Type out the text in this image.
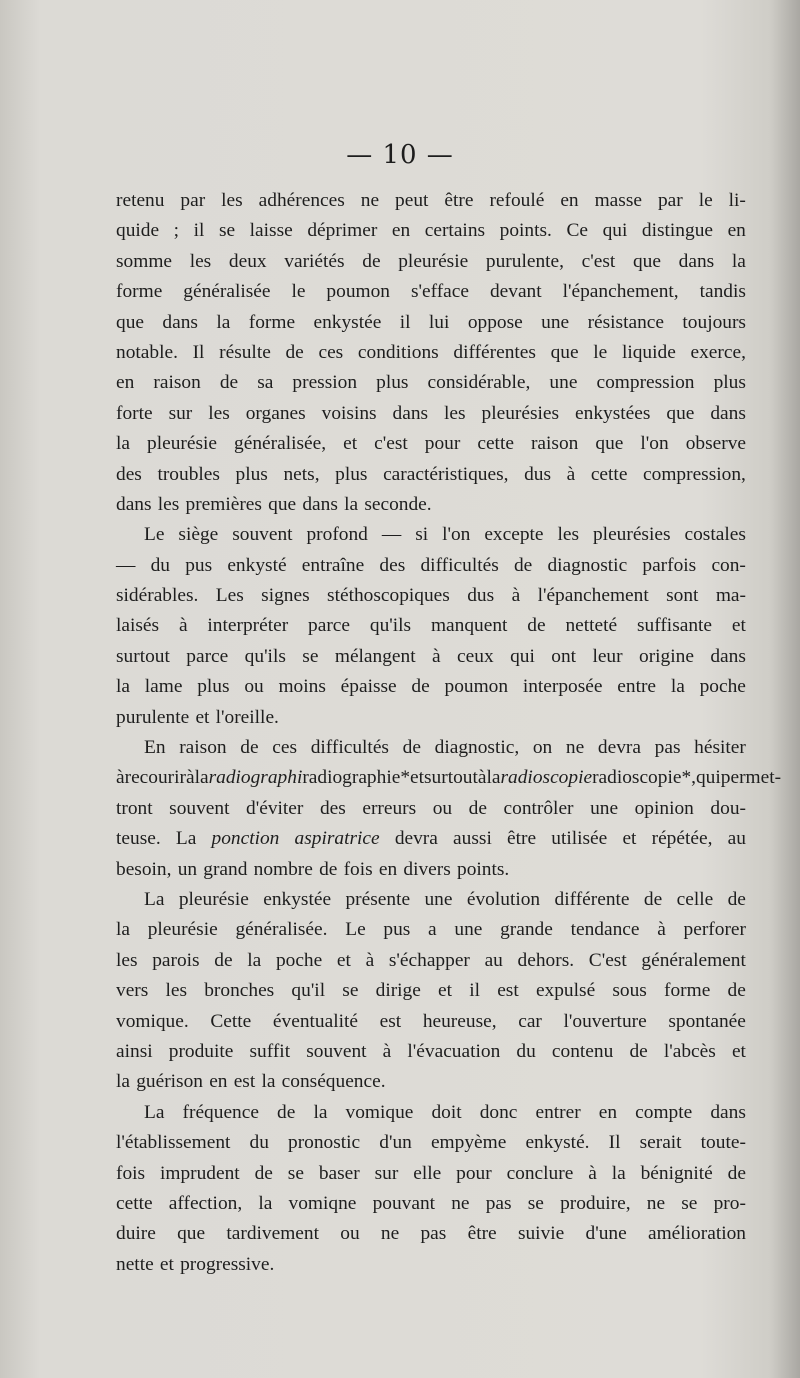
— 10 —
retenu par les adhérences ne peut être refoulé en masse par le li-
quide ; il se laisse déprimer en certains points. Ce qui distingue en
somme les deux variétés de pleurésie purulente, c'est que dans la
forme généralisée le poumon s'efface devant l'épanchement, tandis
que dans la forme enkystée il lui oppose une résistance toujours
notable. Il résulte de ces conditions différentes que le liquide exerce,
en raison de sa pression plus considérable, une compression plus
forte sur les organes voisins dans les pleurésies enkystées que dans
la pleurésie généralisée, et c'est pour cette raison que l'on observe
des troubles plus nets, plus caractéristiques, dus à cette compression,
dans les premières que dans la seconde.
Le siège souvent profond — si l'on excepte les pleurésies costales
— du pus enkysté entraîne des difficultés de diagnostic parfois con-
sidérables. Les signes stéthoscopiques dus à l'épanchement sont ma-
laisés à interpréter parce qu'ils manquent de netteté suffisante et
surtout parce qu'ils se mélangent à ceux qui ont leur origine dans
la lame plus ou moins épaisse de poumon interposée entre la poche
purulente et l'oreille.
En raison de ces difficultés de diagnostic, on ne devra pas hésiter
à recourir à la radiographiradiographie* et surtout à la radioscopieradioscopie*, qui permet-
tront souvent d'éviter des erreurs ou de contrôler une opinion dou-
teuse. La ponction aspiratrice devra aussi être utilisée et répétée, au
besoin, un grand nombre de fois en divers points.
La pleurésie enkystée présente une évolution différente de celle de
la pleurésie généralisée. Le pus a une grande tendance à perforer
les parois de la poche et à s'échapper au dehors. C'est généralement
vers les bronches qu'il se dirige et il est expulsé sous forme de
vomique. Cette éventualité est heureuse, car l'ouverture spontanée
ainsi produite suffit souvent à l'évacuation du contenu de l'abcès et
la guérison en est la conséquence.
La fréquence de la vomique doit donc entrer en compte dans
l'établissement du pronostic d'un empyème enkysté. Il serait toute-
fois imprudent de se baser sur elle pour conclure à la bénignité de
cette affection, la vomiqne pouvant ne pas se produire, ne se pro-
duire que tardivement ou ne pas être suivie d'une amélioration
nette et progressive.
